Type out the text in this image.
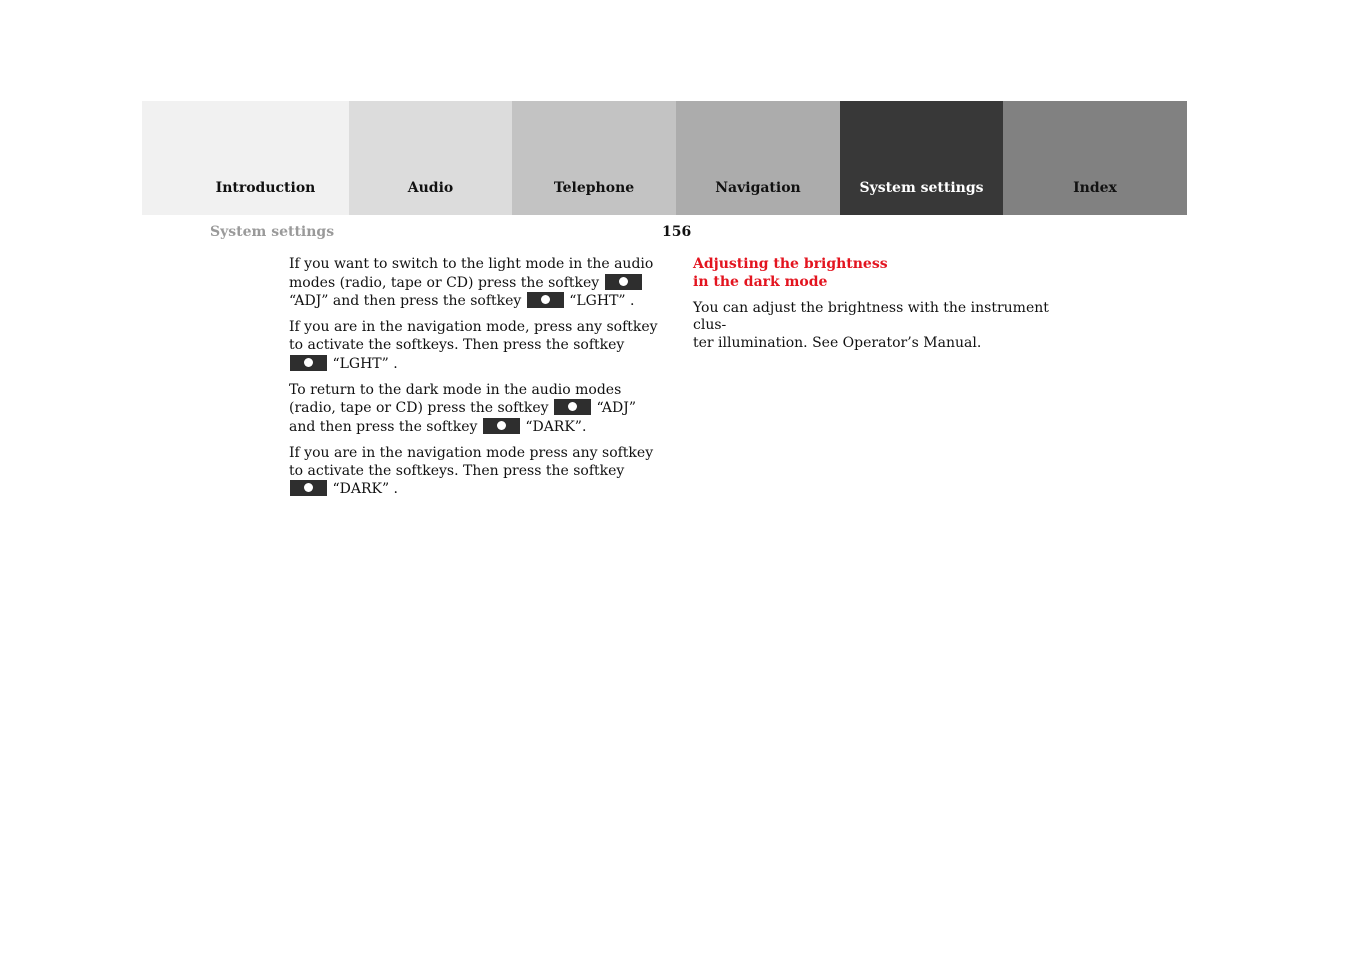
Introduction	Audio	Telephone	Navigation	System settings	Index
System settings	156

If you want to switch to the light mode in the audio modes (radio, tape or CD) press the softkey  “ADJ” and then press the softkey	“LGHT” .

If you are in the navigation mode, press any softkey to activate the softkeys. Then press the softkey  “LGHT” .

To return to the dark mode in the audio modes (radio, tape or CD) press the softkey	“ADJ” and then press the softkey	“DARK”.

If you are in the navigation mode press any softkey to activate the softkeys. Then press the softkey  “DARK” .

Adjusting the brightness
in the dark mode

You can adjust the brightness with the instrument clus-
ter illumination. See Operator’s Manual.
